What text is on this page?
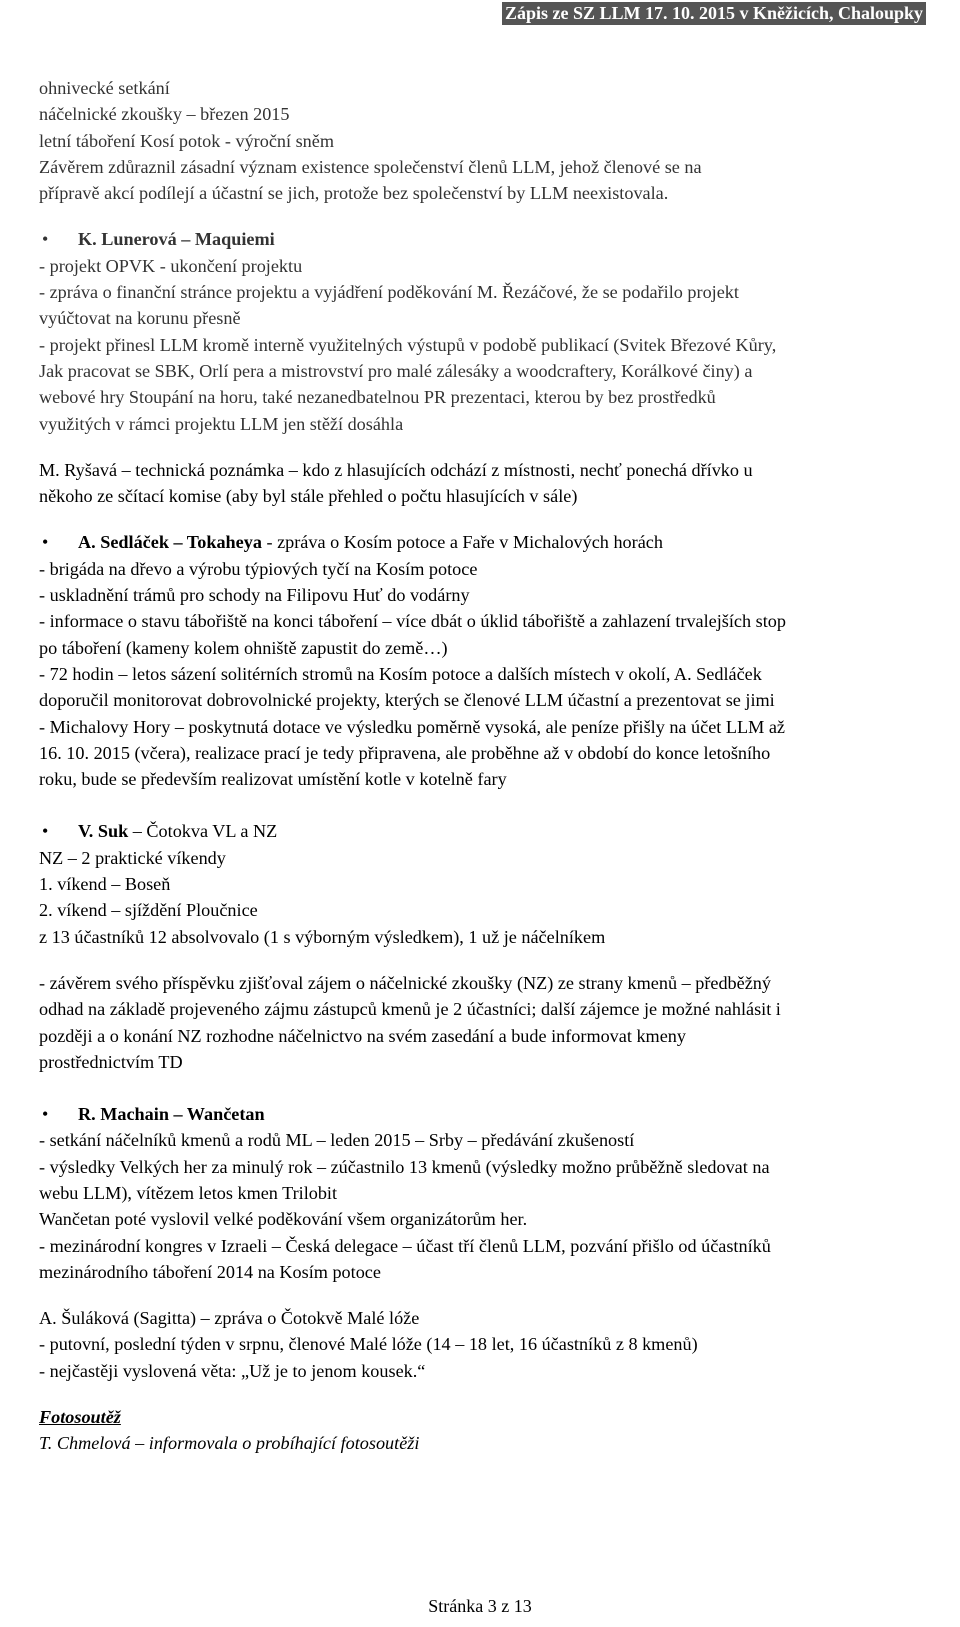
Zápis ze SZ LLM 17. 10. 2015 v Kněžicích, Chaloupky
ohnivecké setkání
náčelnické zkoušky – březen 2015
letní táboření Kosí potok - výroční sněm
Závěrem zdůraznil zásadní význam existence společenství členů LLM, jehož členové se na
přípravě akcí podílejí a účastní se jich, protože bez společenství by LLM neexistovala.
• K. Lunerová – Maquiemi
- projekt OPVK - ukončení projektu
- zpráva o finanční stránce projektu a vyjádření poděkování M. Řezáčové, že se podařilo projekt
vyúčtovat na korunu přesně
- projekt přinesl LLM kromě interně využitelných výstupů v podobě publikací (Svitek Březové Kůry,
Jak pracovat se SBK, Orlí pera a mistrovství pro malé zálesáky a woodcraftery, Korálkové činy) a
webové hry Stoupání na horu, také nezanedbatelnou PR prezentaci, kterou by bez prostředků
využitých v rámci projektu LLM jen stěží dosáhla
M. Ryšavá – technická poznámka – kdo z hlasujících odchází z místnosti, nechť ponechá dřívko u
někoho ze sčítací komise (aby byl stále přehled o počtu hlasujících v sále)
• A. Sedláček – Tokaheya - zpráva o Kosím potoce a Faře v Michalových horách
- brigáda na dřevo a výrobu týpiových tyčí na Kosím potoce
- uskladnění trámů pro schody na Filipovu Huť do vodárny
- informace o stavu tábořiště na konci táboření – více dbát o úklid tábořiště a zahlazení trvalejších stop
po táboření (kameny kolem ohniště zapustit do země…)
- 72 hodin – letos sázení solitérních stromů na Kosím potoce a dalších místech v okolí, A. Sedláček
doporučil monitorovat dobrovolnické projekty, kterých se členové LLM účastní a prezentovat se jimi
- Michalovy Hory – poskytnutá dotace ve výsledku poměrně vysoká, ale peníze přišly na účet LLM až
16. 10. 2015 (včera), realizace prací je tedy připravena, ale proběhne až v období do konce letošního
roku, bude se především realizovat umístění kotle v kotelně fary
• V. Suk – Čotokva VL a NZ
NZ – 2 praktické víkendy
1. víkend – Boseň
2. víkend – sjíždění Ploučnice
z 13 účastníků 12 absolvovalo (1 s výborným výsledkem), 1 už je náčelníkem
- závěrem svého příspěvku zjišťoval zájem o náčelnické zkoušky (NZ) ze strany kmenů – předběžný
odhad na základě projeveného zájmu zástupců kmenů je 2 účastníci; další zájemce je možné nahlásit i
později a o konání NZ rozhodne náčelnictvo na svém zasedání a bude informovat kmeny
prostřednictvím TD
• R. Machain – Wančetan
- setkání náčelníků kmenů a rodů ML – leden 2015 – Srby – předávání zkušeností
- výsledky Velkých her za minulý rok – zúčastnilo 13 kmenů (výsledky možno průběžně sledovat na
webu LLM), vítězem letos kmen Trilobit
Wančetan poté vyslovil velké poděkování všem organizátorům her.
- mezinárodní kongres v Izraeli – Česká delegace – účast tří členů LLM, pozvání přišlo od účastníků
mezinárodního táboření 2014 na Kosím potoce
A. Šuláková (Sagitta) – zpráva o Čotokvě Malé lóže
- putovní, poslední týden v srpnu, členové Malé lóže (14 – 18 let, 16 účastníků z 8 kmenů)
- nejčastěji vyslovená věta: „Už je to jenom kousek.“
Fotosoutěž
T. Chmelová – informovala o probíhající fotosoutěži
Stránka 3 z 13
